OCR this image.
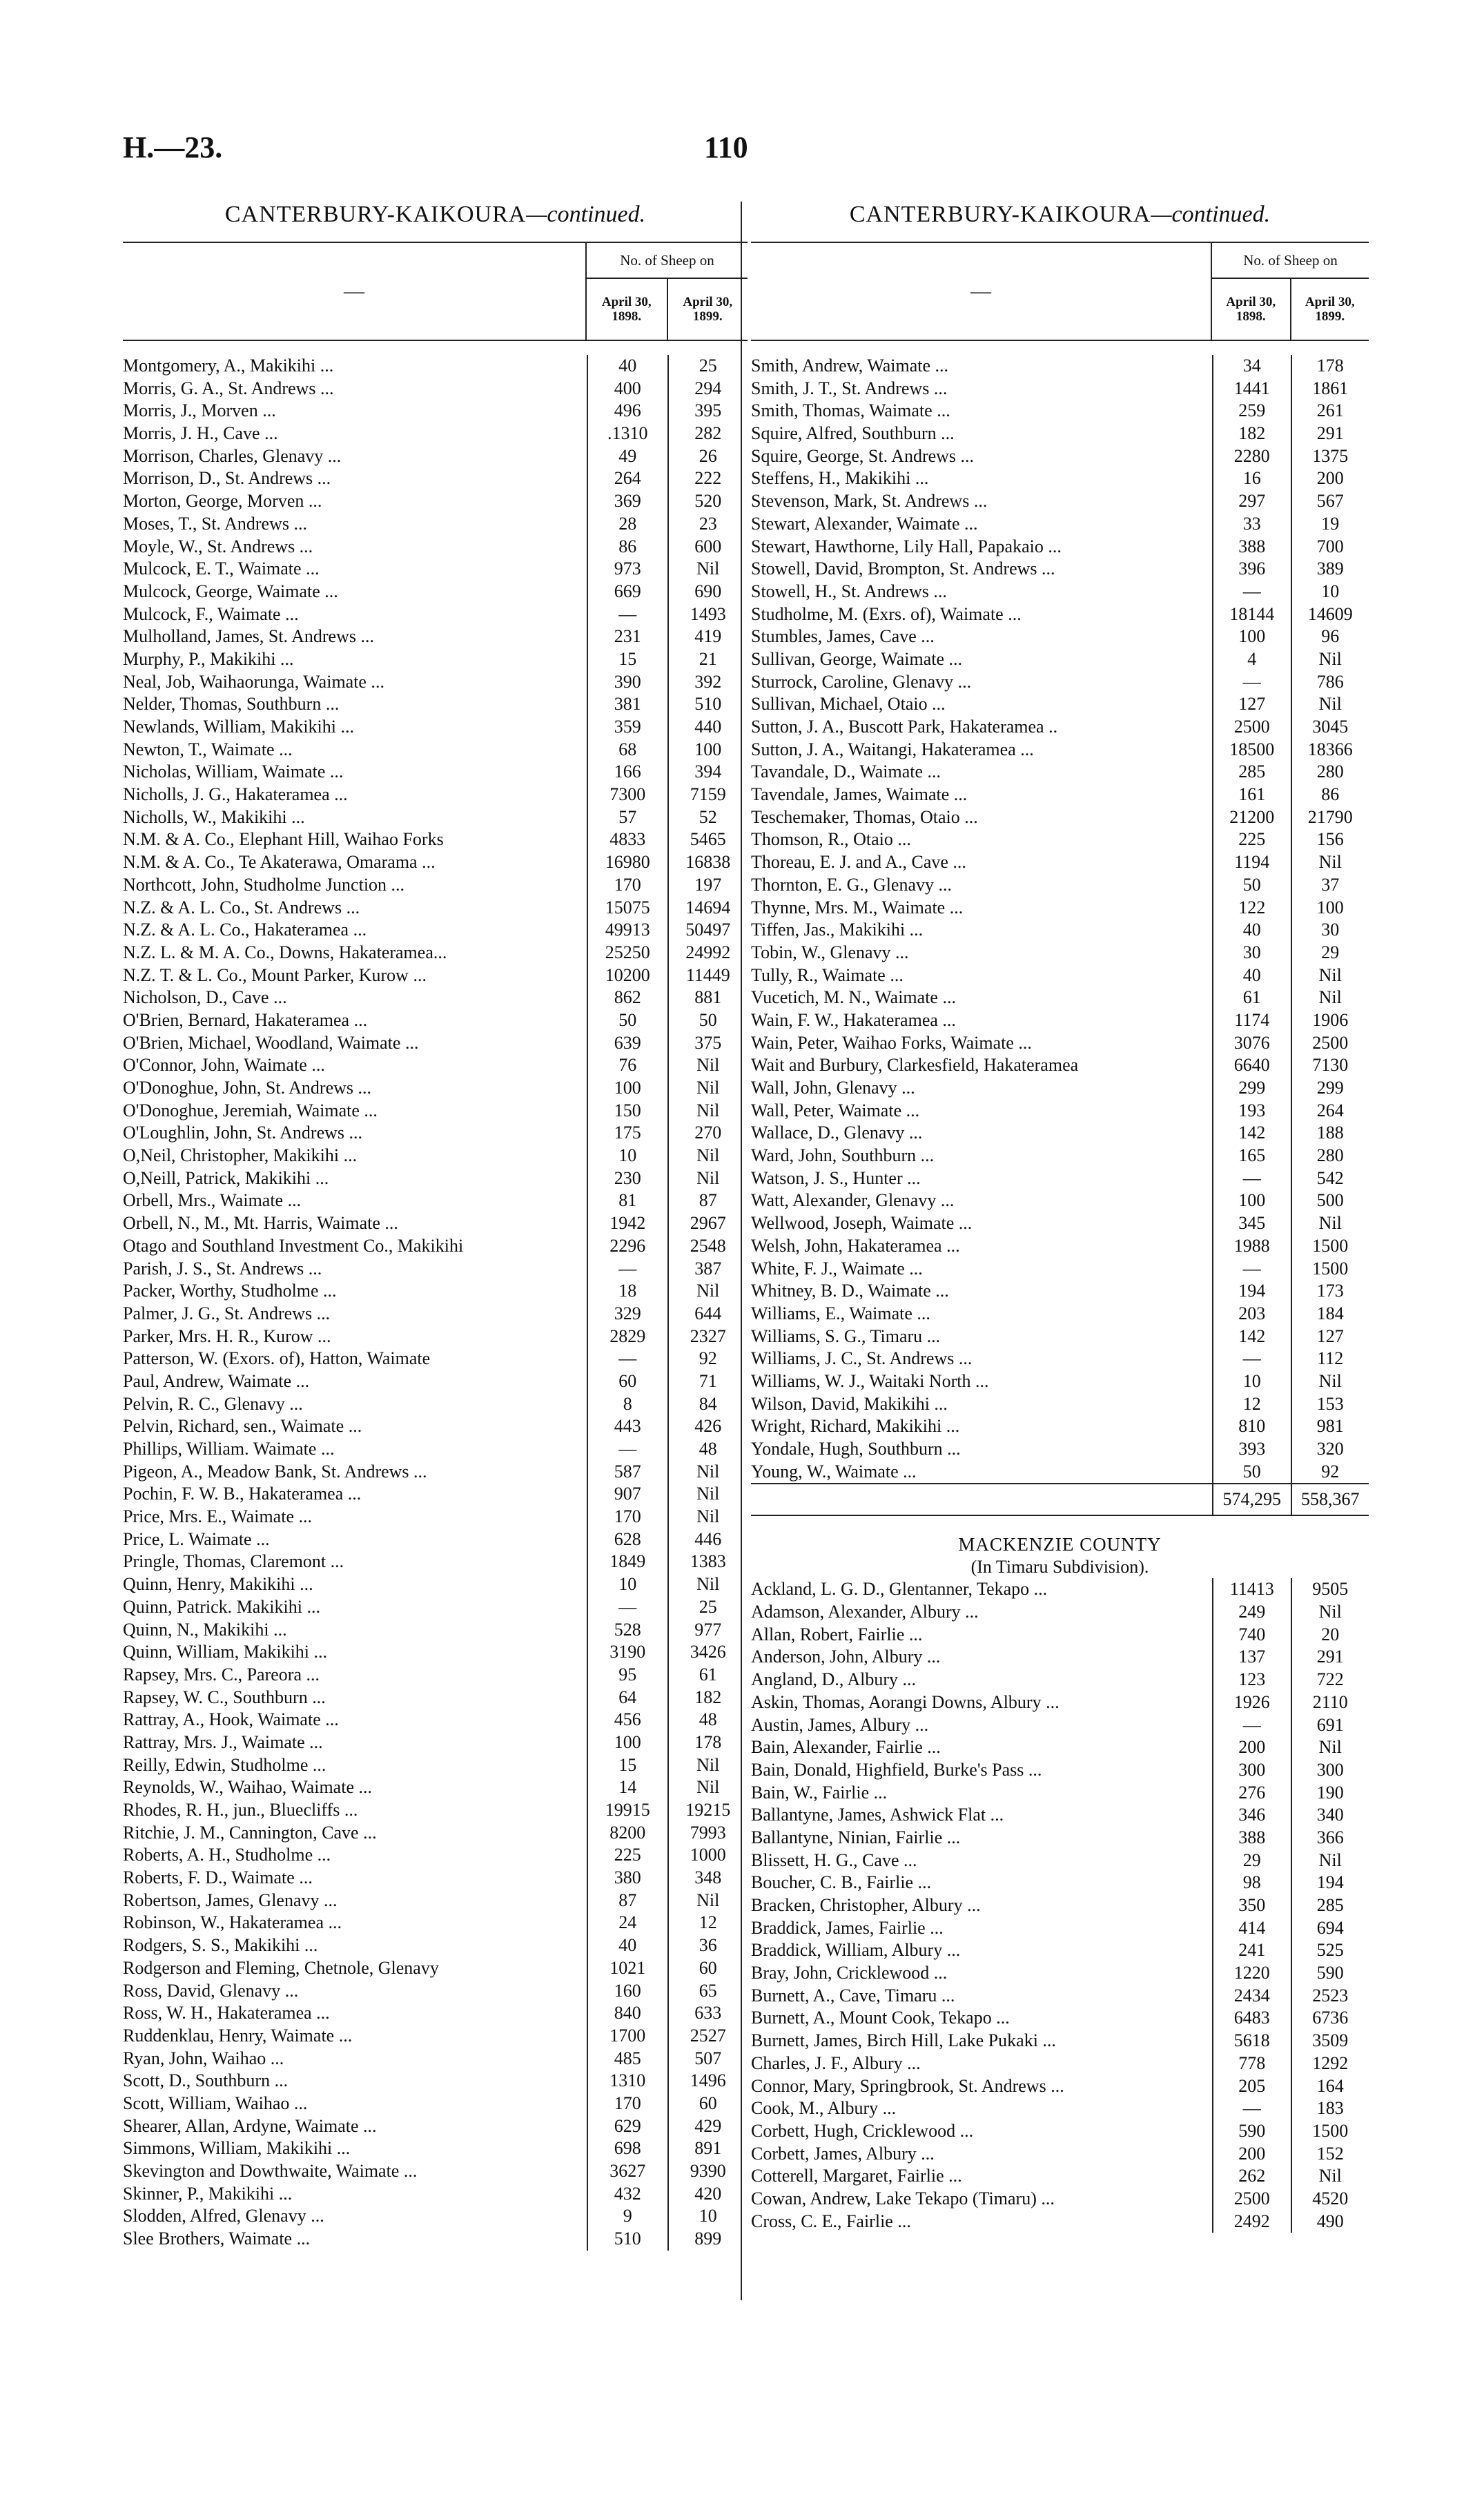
H.—23.	110
CANTERBURY-KAIKOURA—continued.
—
No. of Sheep on
April 30, 1898.
April 30, 1899.
Montgomery, A., Makikihi ...	40	25
Morris, G. A., St. Andrews ...	400	294
Morris, J., Morven ...	496	395
Morris, J. H., Cave ...	.1310	282
Morrison, Charles, Glenavy ...	49	26
Morrison, D., St. Andrews ...	264	222
Morton, George, Morven ...	369	520
Moses, T., St. Andrews ...	28	23
Moyle, W., St. Andrews ...	86	600
Mulcock, E. T., Waimate ...	973	Nil
Mulcock, George, Waimate ...	669	690
Mulcock, F., Waimate ...	—	1493
Mulholland, James, St. Andrews ...	231	419
Murphy, P., Makikihi ...	15	21
Neal, Job, Waihaorunga, Waimate ...	390	392
Nelder, Thomas, Southburn ...	381	510
Newlands, William, Makikihi ...	359	440
Newton, T., Waimate ...	68	100
Nicholas, William, Waimate ...	166	394
Nicholls, J. G., Hakateramea ...	7300	7159
Nicholls, W., Makikihi ...	57	52
N.M. & A. Co., Elephant Hill, Waihao Forks	4833	5465
N.M. & A. Co., Te Akaterawa, Omarama ...	16980	16838
Northcott, John, Studholme Junction ...	170	197
N.Z. & A. L. Co., St. Andrews ...	15075	14694
N.Z. & A. L. Co., Hakateramea ...	49913	50497
N.Z. L. & M. A. Co., Downs, Hakateramea...	25250	24992
N.Z. T. & L. Co., Mount Parker, Kurow ...	10200	11449
Nicholson, D., Cave ...	862	881
O'Brien, Bernard, Hakateramea ...	50	50
O'Brien, Michael, Woodland, Waimate ...	639	375
O'Connor, John, Waimate ...	76	Nil
O'Donoghue, John, St. Andrews ...	100	Nil
O'Donoghue, Jeremiah, Waimate ...	150	Nil
O'Loughlin, John, St. Andrews ...	175	270
O,Neil, Christopher, Makikihi ...	10	Nil
O,Neill, Patrick, Makikihi ...	230	Nil
Orbell, Mrs., Waimate ...	81	87
Orbell, N., M., Mt. Harris, Waimate ...	1942	2967
Otago and Southland Investment Co., Makikihi	2296	2548
Parish, J. S., St. Andrews ...	—	387
Packer, Worthy, Studholme ...	18	Nil
Palmer, J. G., St. Andrews ...	329	644
Parker, Mrs. H. R., Kurow ...	2829	2327
Patterson, W. (Exors. of), Hatton, Waimate	—	92
Paul, Andrew, Waimate ...	60	71
Pelvin, R. C., Glenavy ...	8	84
Pelvin, Richard, sen., Waimate ...	443	426
Phillips, William. Waimate ...	—	48
Pigeon, A., Meadow Bank, St. Andrews ...	587	Nil
Pochin, F. W. B., Hakateramea ...	907	Nil
Price, Mrs. E., Waimate ...	170	Nil
Price, L. Waimate ...	628	446
Pringle, Thomas, Claremont ...	1849	1383
Quinn, Henry, Makikihi ...	10	Nil
Quinn, Patrick. Makikihi ...	—	25
Quinn, N., Makikihi ...	528	977
Quinn, William, Makikihi ...	3190	3426
Rapsey, Mrs. C., Pareora ...	95	61
Rapsey, W. C., Southburn ...	64	182
Rattray, A., Hook, Waimate ...	456	48
Rattray, Mrs. J., Waimate ...	100	178
Reilly, Edwin, Studholme ...	15	Nil
Reynolds, W., Waihao, Waimate ...	14	Nil
Rhodes, R. H., jun., Bluecliffs ...	19915	19215
Ritchie, J. M., Cannington, Cave ...	8200	7993
Roberts, A. H., Studholme ...	225	1000
Roberts, F. D., Waimate ...	380	348
Robertson, James, Glenavy ...	87	Nil
Robinson, W., Hakateramea ...	24	12
Rodgers, S. S., Makikihi ...	40	36
Rodgerson and Fleming, Chetnole, Glenavy	1021	60
Ross, David, Glenavy ...	160	65
Ross, W. H., Hakateramea ...	840	633
Ruddenklau, Henry, Waimate ...	1700	2527
Ryan, John, Waihao ...	485	507
Scott, D., Southburn ...	1310	1496
Scott, William, Waihao ...	170	60
Shearer, Allan, Ardyne, Waimate ...	629	429
Simmons, William, Makikihi ...	698	891
Skevington and Dowthwaite, Waimate ...	3627	9390
Skinner, P., Makikihi ...	432	420
Slodden, Alfred, Glenavy ...	9	10
Slee Brothers, Waimate ...	510	899
CANTERBURY-KAIKOURA—continued.
—
No. of Sheep on
April 30, 1898.
April 30, 1899.
Smith, Andrew, Waimate ...	34	178
Smith, J. T., St. Andrews ...	1441	1861
Smith, Thomas, Waimate ...	259	261
Squire, Alfred, Southburn ...	182	291
Squire, George, St. Andrews ...	2280	1375
Steffens, H., Makikihi ...	16	200
Stevenson, Mark, St. Andrews ...	297	567
Stewart, Alexander, Waimate ...	33	19
Stewart, Hawthorne, Lily Hall, Papakaio ...	388	700
Stowell, David, Brompton, St. Andrews ...	396	389
Stowell, H., St. Andrews ...	—	10
Studholme, M. (Exrs. of), Waimate ...	18144	14609
Stumbles, James, Cave ...	100	96
Sullivan, George, Waimate ...	4	Nil
Sturrock, Caroline, Glenavy ...	—	786
Sullivan, Michael, Otaio ...	127	Nil
Sutton, J. A., Buscott Park, Hakateramea ..	2500	3045
Sutton, J. A., Waitangi, Hakateramea ...	18500	18366
Tavandale, D., Waimate ...	285	280
Tavendale, James, Waimate ...	161	86
Teschemaker, Thomas, Otaio ...	21200	21790
Thomson, R., Otaio ...	225	156
Thoreau, E. J. and A., Cave ...	1194	Nil
Thornton, E. G., Glenavy ...	50	37
Thynne, Mrs. M., Waimate ...	122	100
Tiffen, Jas., Makikihi ...	40	30
Tobin, W., Glenavy ...	30	29
Tully, R., Waimate ...	40	Nil
Vucetich, M. N., Waimate ...	61	Nil
Wain, F. W., Hakateramea ...	1174	1906
Wain, Peter, Waihao Forks, Waimate ...	3076	2500
Wait and Burbury, Clarkesfield, Hakateramea	6640	7130
Wall, John, Glenavy ...	299	299
Wall, Peter, Waimate ...	193	264
Wallace, D., Glenavy ...	142	188
Ward, John, Southburn ...	165	280
Watson, J. S., Hunter ...	—	542
Watt, Alexander, Glenavy ...	100	500
Wellwood, Joseph, Waimate ...	345	Nil
Welsh, John, Hakateramea ...	1988	1500
White, F. J., Waimate ...	—	1500
Whitney, B. D., Waimate ...	194	173
Williams, E., Waimate ...	203	184
Williams, S. G., Timaru ...	142	127
Williams, J. C., St. Andrews ...	—	112
Williams, W. J., Waitaki North ...	10	Nil
Wilson, David, Makikihi ...	12	153
Wright, Richard, Makikihi ...	810	981
Yondale, Hugh, Southburn ...	393	320
Young, W., Waimate ...	50	92
574,295	558,367
MACKENZIE COUNTY
(In Timaru Subdivision).
Ackland, L. G. D., Glentanner, Tekapo ...	11413	9505
Adamson, Alexander, Albury ...	249	Nil
Allan, Robert, Fairlie ...	740	20
Anderson, John, Albury ...	137	291
Angland, D., Albury ...	123	722
Askin, Thomas, Aorangi Downs, Albury ...	1926	2110
Austin, James, Albury ...	—	691
Bain, Alexander, Fairlie ...	200	Nil
Bain, Donald, Highfield, Burke's Pass ...	300	300
Bain, W., Fairlie ...	276	190
Ballantyne, James, Ashwick Flat ...	346	340
Ballantyne, Ninian, Fairlie ...	388	366
Blissett, H. G., Cave ...	29	Nil
Boucher, C. B., Fairlie ...	98	194
Bracken, Christopher, Albury ...	350	285
Braddick, James, Fairlie ...	414	694
Braddick, William, Albury ...	241	525
Bray, John, Cricklewood ...	1220	590
Burnett, A., Cave, Timaru ...	2434	2523
Burnett, A., Mount Cook, Tekapo ...	6483	6736
Burnett, James, Birch Hill, Lake Pukaki ...	5618	3509
Charles, J. F., Albury ...	778	1292
Connor, Mary, Springbrook, St. Andrews ...	205	164
Cook, M., Albury ...	—	183
Corbett, Hugh, Cricklewood ...	590	1500
Corbett, James, Albury ...	200	152
Cotterell, Margaret, Fairlie ...	262	Nil
Cowan, Andrew, Lake Tekapo (Timaru) ...	2500	4520
Cross, C. E., Fairlie ...	2492	490
